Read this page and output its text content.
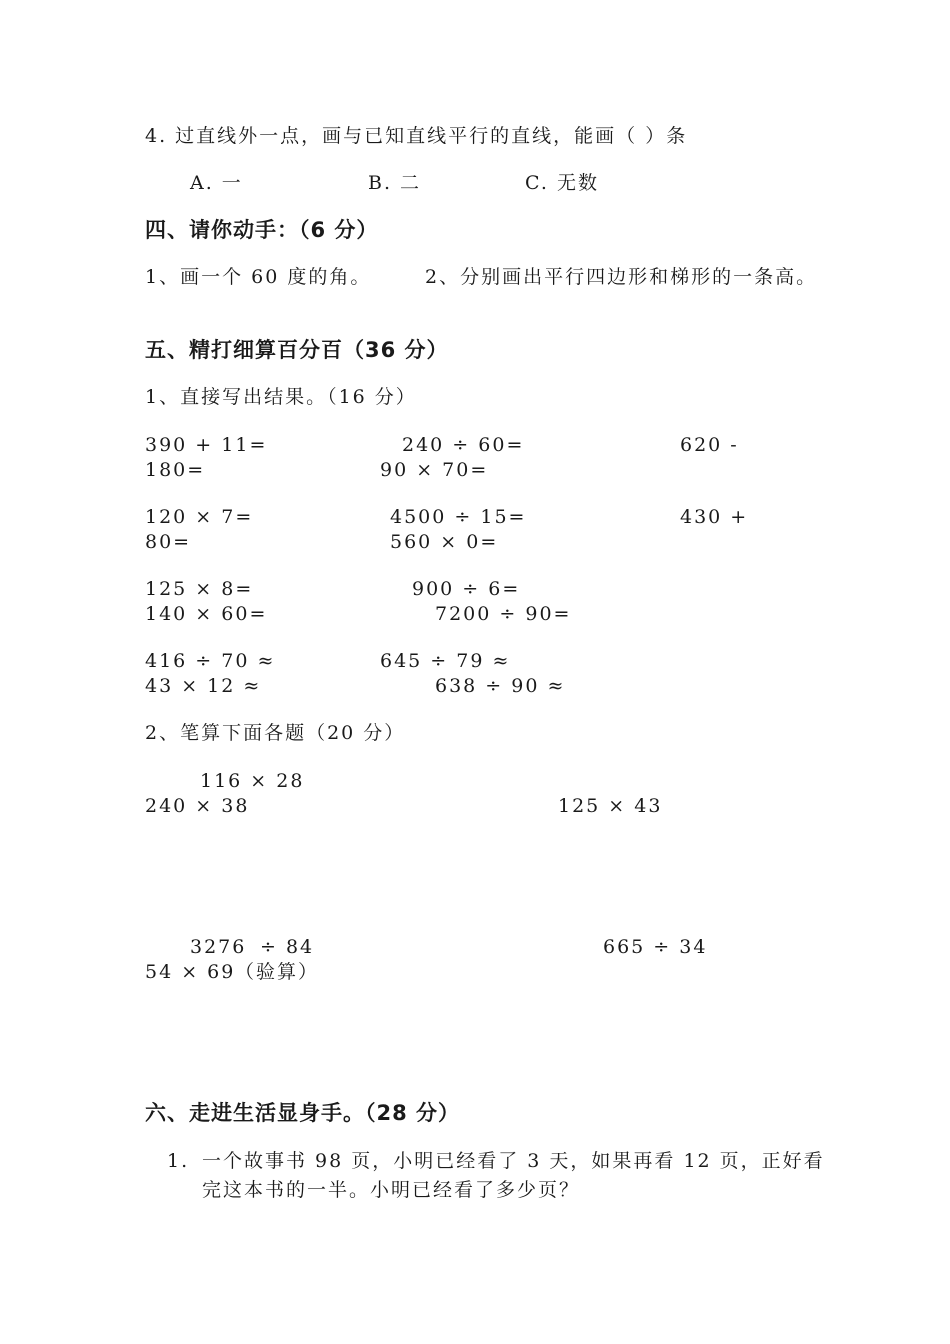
4. 过直线外一点，画与已知直线平行的直线，能画（ ）条
A. 一	B. 二	C. 无数
四、请你动手：（6 分）
1、画一个 60 度的角。	2、分别画出平行四边形和梯形的一条高。
五、精打细算百分百（36 分）
1、直接写出结果。（16 分）
390 + 11=	240 ÷ 60=	620 -
180=	90 × 70=
120 × 7=	4500 ÷ 15=	430 +
80=	560 × 0=
125 × 8=	900 ÷ 6=
140 × 60=	7200 ÷ 90=
416 ÷ 70 ≈	645 ÷ 79 ≈
43 × 12 ≈	638 ÷ 90 ≈
2、笔算下面各题（20 分）
116 × 28
240 × 38	125 × 43
3276 ÷ 84	665 ÷ 34
54 × 69 （验算）
六、走进生活显身手。（28 分）
1. 一个故事书 98 页，小明已经看了 3 天，如果再看 12 页，正好看
完这本书的一半。小明已经看了多少页？
